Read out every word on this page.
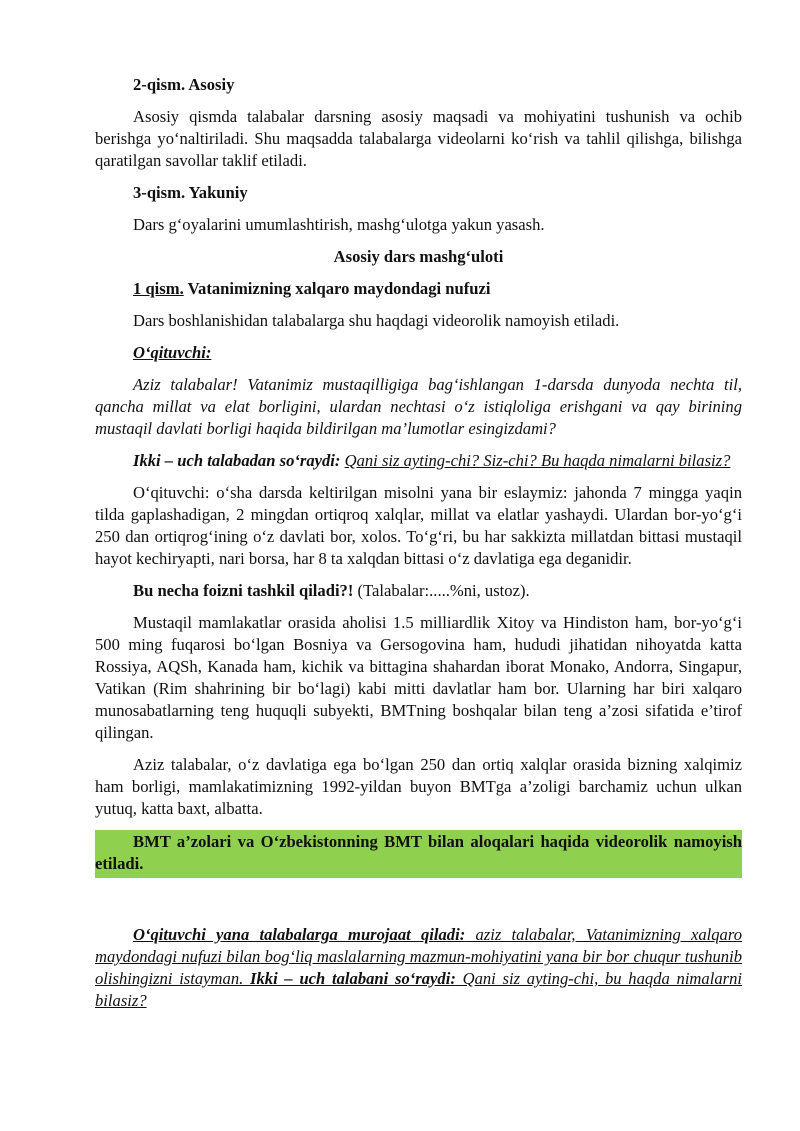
2-qism. Asosiy

Asosiy qismda talabalar darsning asosiy maqsadi va mohiyatini tushunish va ochib berishga yo‘naltiriladi. Shu maqsadda talabalarga videolarni ko‘rish va tahlil qilishga, bilishga qaratilgan savollar taklif etiladi.

3-qism. Yakuniy

Dars g‘oyalarini umumlashtirish, mashg‘ulotga yakun yasash.

Asosiy dars mashg‘uloti

1 qism. Vatanimizning xalqaro maydondagi nufuzi

Dars boshlanishidan talabalarga shu haqdagi videorolik namoyish etiladi.

O‘qituvchi:

Aziz talabalar! Vatanimiz mustaqilligiga bag‘ishlangan 1-darsda dunyoda nechta til, qancha millat va elat borligini, ulardan nechtasi o‘z istiqloliga erishgani va qay birining mustaqil davlati borligi haqida bildirilgan ma’lumotlar esingizdami?

Ikki – uch talabadan so‘raydi: Qani siz ayting-chi? Siz-chi? Bu haqda nimalarni bilasiz?

O‘qituvchi: o‘sha darsda keltirilgan misolni yana bir eslaymiz: jahonda 7 mingga yaqin tilda gaplashadigan, 2 mingdan ortiqroq xalqlar, millat va elatlar yashaydi. Ulardan bor-yo‘g‘i 250 dan ortiqrog‘ining o‘z davlati bor, xolos. To‘g‘ri, bu har sakkizta millatdan bittasi mustaqil hayot kechiryapti, nari borsa, har 8 ta xalqdan bittasi o‘z davlatiga ega deganidir.

Bu necha foizni tashkil qiladi?! (Talabalar:.....%ni, ustoz).

Mustaqil mamlakatlar orasida aholisi 1.5 milliardlik Xitoy va Hindiston ham, bor-yo‘g‘i 500 ming fuqarosi bo‘lgan Bosniya va Gersogovina ham, hududi jihatidan nihoyatda katta Rossiya, AQSh, Kanada ham, kichik va bittagina shahardan iborat Monako, Andorra, Singapur, Vatikan (Rim shahrining bir bo‘lagi) kabi mitti davlatlar ham bor. Ularning har biri xalqaro munosabatlarning teng huquqli subyekti, BMTning boshqalar bilan teng a’zosi sifatida e’tirof qilingan.

Aziz talabalar, o‘z davlatiga ega bo‘lgan 250 dan ortiq xalqlar orasida bizning xalqimiz ham borligi, mamlakatimizning 1992-yildan buyon BMTga a’zoligi barchamiz uchun ulkan yutuq, katta baxt, albatta.

BMT a’zolari va O‘zbekistonning BMT bilan aloqalari haqida videorolik namoyish etiladi.

O‘qituvchi yana talabalarga murojaat qiladi: aziz talabalar, Vatanimizning xalqaro maydondagi nufuzi bilan bog‘liq maslalarning mazmun-mohiyatini yana bir bor chuqur tushunib olishingizni istayman. Ikki – uch talabani so‘raydi: Qani siz ayting-chi, bu haqda nimalarni bilasiz?
